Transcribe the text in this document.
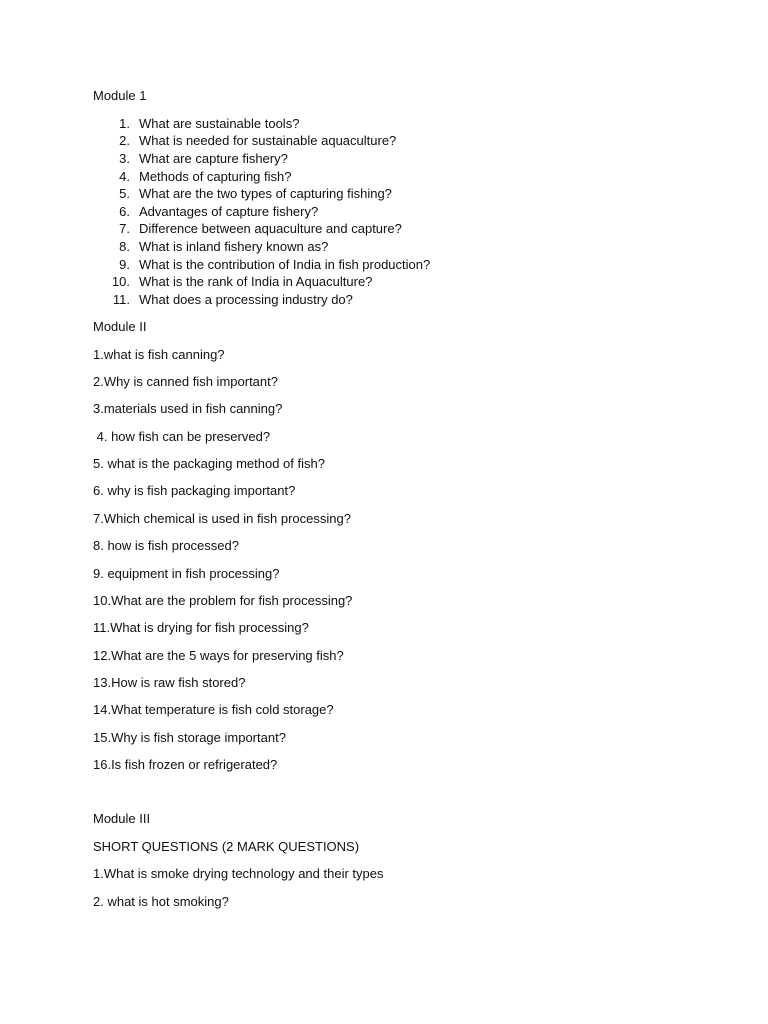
Module 1
1. What are sustainable tools?
2. What is needed for sustainable aquaculture?
3. What are capture fishery?
4. Methods of capturing fish?
5. What are the two types of capturing fishing?
6. Advantages of capture fishery?
7. Difference between aquaculture and capture?
8. What is inland fishery known as?
9. What is the contribution of India in fish production?
10. What is the rank of India in Aquaculture?
11. What does a processing industry do?
Module II
1.what is fish canning?
2.Why is canned fish important?
3.materials used in fish canning?
4. how fish can be preserved?
5. what is the packaging method of fish?
6. why is fish packaging important?
7.Which chemical is used in fish processing?
8. how is fish processed?
9. equipment in fish processing?
10.What are the problem for fish processing?
11.What is drying for fish processing?
12.What are the 5 ways for preserving fish?
13.How is raw fish stored?
14.What temperature is fish cold storage?
15.Why is fish storage important?
16.Is fish frozen or refrigerated?
Module III
SHORT QUESTIONS (2 MARK QUESTIONS)
1.What is smoke drying technology and their types
2. what is hot smoking?
